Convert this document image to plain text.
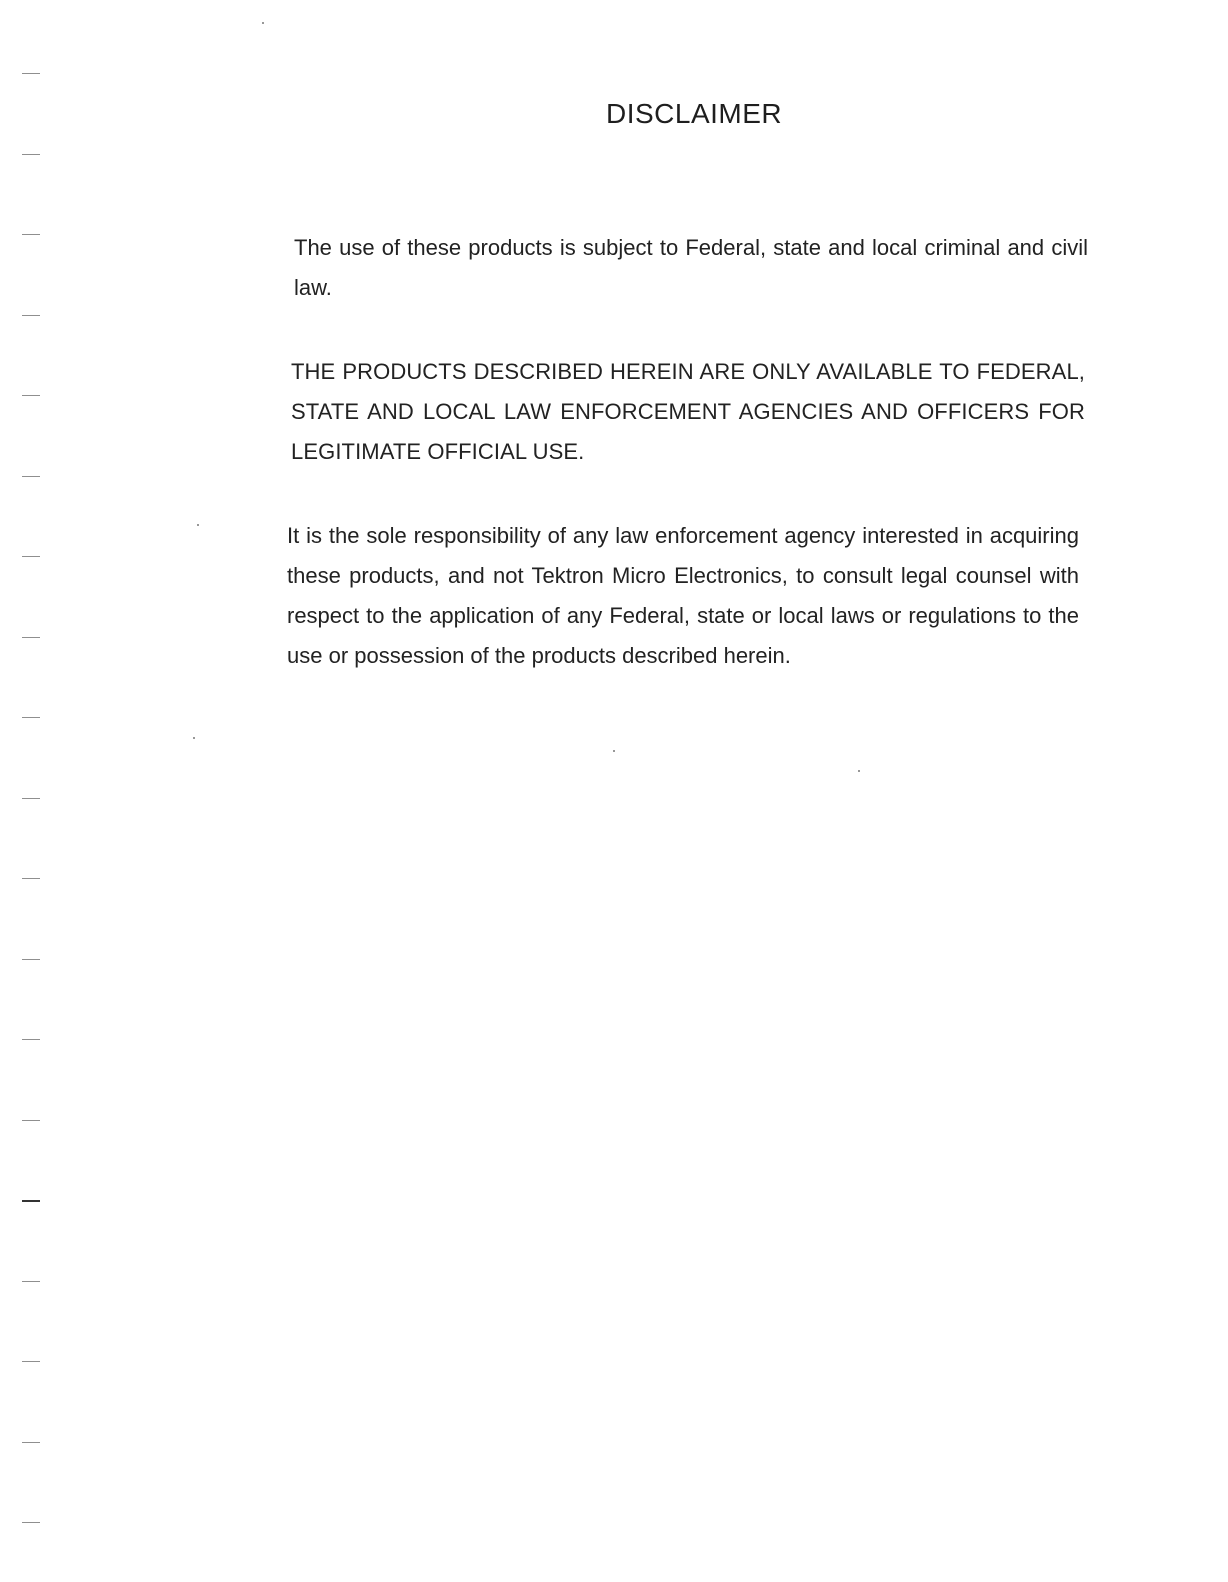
DISCLAIMER

The use of these products is subject to Federal, state and local criminal and civil law.

THE PRODUCTS DESCRIBED HEREIN ARE ONLY AVAILABLE TO FEDERAL, STATE AND LOCAL LAW ENFORCEMENT AGENCIES AND OFFICERS FOR LEGITIMATE OFFICIAL USE.

It is the sole responsibility of any law enforcement agency interested in acquiring these products, and not Tektron Micro Electronics, to consult legal counsel with respect to the application of any Federal, state or local laws or regulations to the use or possession of the products described herein.
